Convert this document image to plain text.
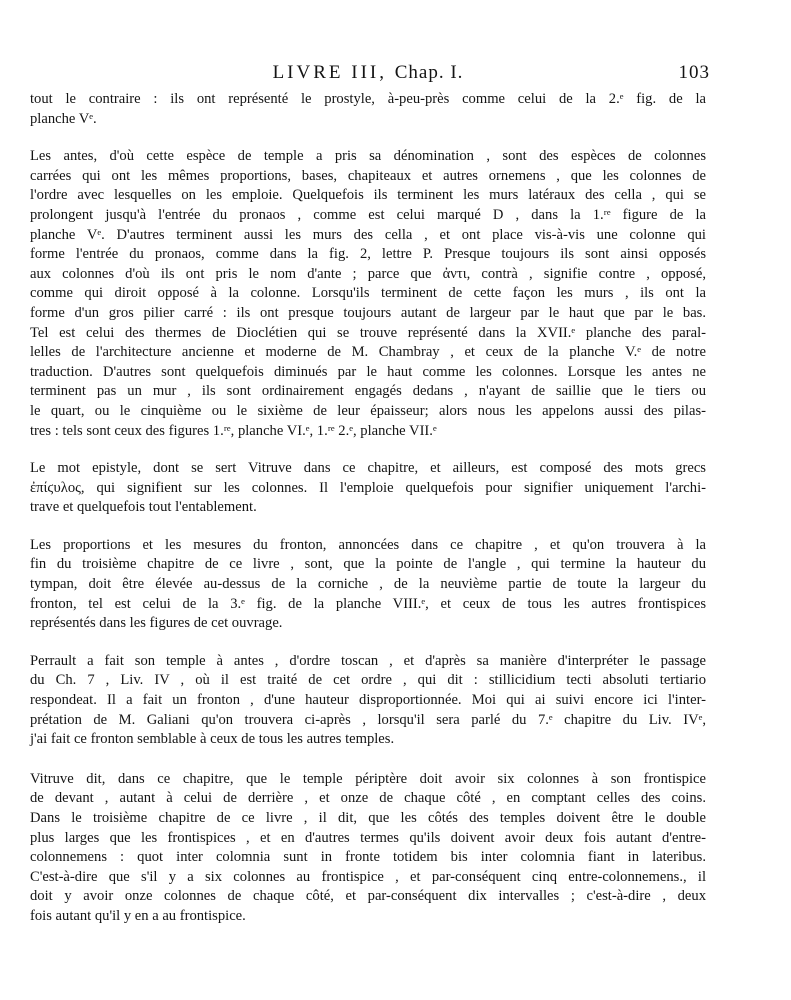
LIVRE III, Chap. I.	103
tout le contraire : ils ont représenté le prostyle, à-peu-près comme celui de la 2.ᵉ fig. de la
planche Vᵉ.
Les antes, d'où cette espèce de temple a pris sa dénomination , sont des espèces de colonnes
carrées qui ont les mêmes proportions, bases, chapiteaux et autres ornemens , que les colonnes de
l'ordre avec lesquelles on les emploie. Quelquefois ils terminent les murs latéraux des cella , qui se
prolongent jusqu'à l'entrée du pronaos , comme est celui marqué D , dans la 1.ʳᵉ figure de la
planche Vᵉ. D'autres terminent aussi les murs des cella , et ont place vis-à-vis une colonne qui
forme l'entrée du pronaos, comme dans la fig. 2, lettre P. Presque toujours ils sont ainsi opposés
aux colonnes d'où ils ont pris le nom d'ante ; parce que ἀντι, contrà , signifie contre , opposé,
comme qui diroit opposé à la colonne. Lorsqu'ils terminent de cette façon les murs , ils ont la
forme d'un gros pilier carré : ils ont presque toujours autant de largeur par le haut que par le bas.
Tel est celui des thermes de Dioclétien qui se trouve représenté dans la XVII.ᵉ planche des paral-
lelles de l'architecture ancienne et moderne de M. Chambray , et ceux de la planche V.ᵉ de notre
traduction. D'autres sont quelquefois diminués par le haut comme les colonnes. Lorsque les antes ne
terminent pas un mur , ils sont ordinairement engagés dedans , n'ayant de saillie que le tiers ou
le quart, ou le cinquième ou le sixième de leur épaisseur; alors nous les appelons aussi des pilas-
tres : tels sont ceux des figures 1.ʳᵉ, planche VI.ᵉ, 1.ʳᵉ 2.ᵉ, planche VII.ᵉ
Le mot epistyle, dont se sert Vitruve dans ce chapitre, et ailleurs, est composé des mots grecs
ἐπίϛυλος, qui signifient sur les colonnes. Il l'emploie quelquefois pour signifier uniquement l'archi-
trave et quelquefois tout l'entablement.
Les proportions et les mesures du fronton, annoncées dans ce chapitre , et qu'on trouvera à la
fin du troisième chapitre de ce livre , sont, que la pointe de l'angle , qui termine la hauteur du
tympan, doit être élevée au-dessus de la corniche , de la neuvième partie de toute la largeur du
fronton, tel est celui de la 3.ᵉ fig. de la planche VIII.ᵉ, et ceux de tous les autres frontispices
représentés dans les figures de cet ouvrage.
Perrault a fait son temple à antes , d'ordre toscan , et d'après sa manière d'interpréter le passage
du Ch. 7 , Liv. IV , où il est traité de cet ordre , qui dit : stillicidium tecti absoluti tertiario
respondeat. Il a fait un fronton , d'une hauteur disproportionnée. Moi qui ai suivi encore ici l'inter-
prétation de M. Galiani qu'on trouvera ci-après , lorsqu'il sera parlé du 7.ᵉ chapitre du Liv. IVᵉ,
j'ai fait ce fronton semblable à ceux de tous les autres temples.
Vitruve dit, dans ce chapitre, que le temple périptère doit avoir six colonnes à son frontispice
de devant , autant à celui de derrière , et onze de chaque côté , en comptant celles des coins.
Dans le troisième chapitre de ce livre , il dit, que les côtés des temples doivent être le double
plus larges que les frontispices , et en d'autres termes qu'ils doivent avoir deux fois autant d'entre-
colonnemens : quot inter colomnia sunt in fronte totidem bis inter colomnia fiant in lateribus.
C'est-à-dire que s'il y a six colonnes au frontispice , et par-conséquent cinq entre-colonnemens., il
doit y avoir onze colonnes de chaque côté, et par-conséquent dix intervalles ; c'est-à-dire , deux
fois autant qu'il y en a au frontispice.
